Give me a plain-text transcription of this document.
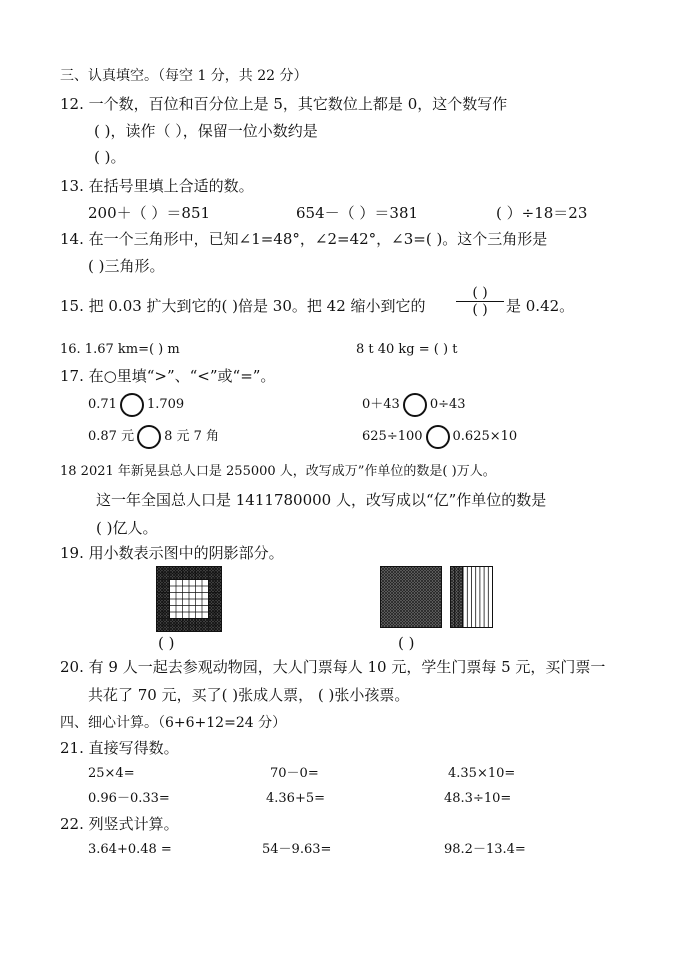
三、认真填空。（每空 1 分，共 22 分）
12. 一个数，百位和百分位上是 5，其它数位上都是 0，这个数写作
( )，读作（ ），保留一位小数约是
( )。
13. 在括号里填上合适的数。
200＋（ ）＝851	654－（ ）＝381	( ）÷18＝23
14. 在一个三角形中，已知∠1=48°，∠2=42°，∠3=( )。这个三角形是
( )三角形。
15. 把 0.03 扩大到它的( )倍是 30。把 42 缩小到它的
( )
( )	是 0.42。
16. 1.67 km=( ) m	8 t 40 kg = ( ) t
17. 在○里填“>”、“<”或“=”。
0.71 1.709	0＋43 0÷43
0.87 元 8 元 7 角	625÷100 0.625×10
18 2021 年新晃县总人口是 255000 人，改写成万”作单位的数是( )万人。
这一年全国总人口是 1411780000 人，改写成以“亿”作单位的数是
( )亿人。
19. 用小数表示图中的阴影部分。
( )	( )
20. 有 9 人一起去参观动物园，大人门票每人 10 元，学生门票每 5 元，买门票一
共花了 70 元，买了( )张成人票， ( )张小孩票。
四、细心计算。（6+6+12=24 分）
21. 直接写得数。
25×4=	70－0=	4.35×10=
0.96－0.33=	4.36+5=	48.3÷10=
22. 列竖式计算。
3.64+0.48 =	54－9.63=	98.2－13.4=
